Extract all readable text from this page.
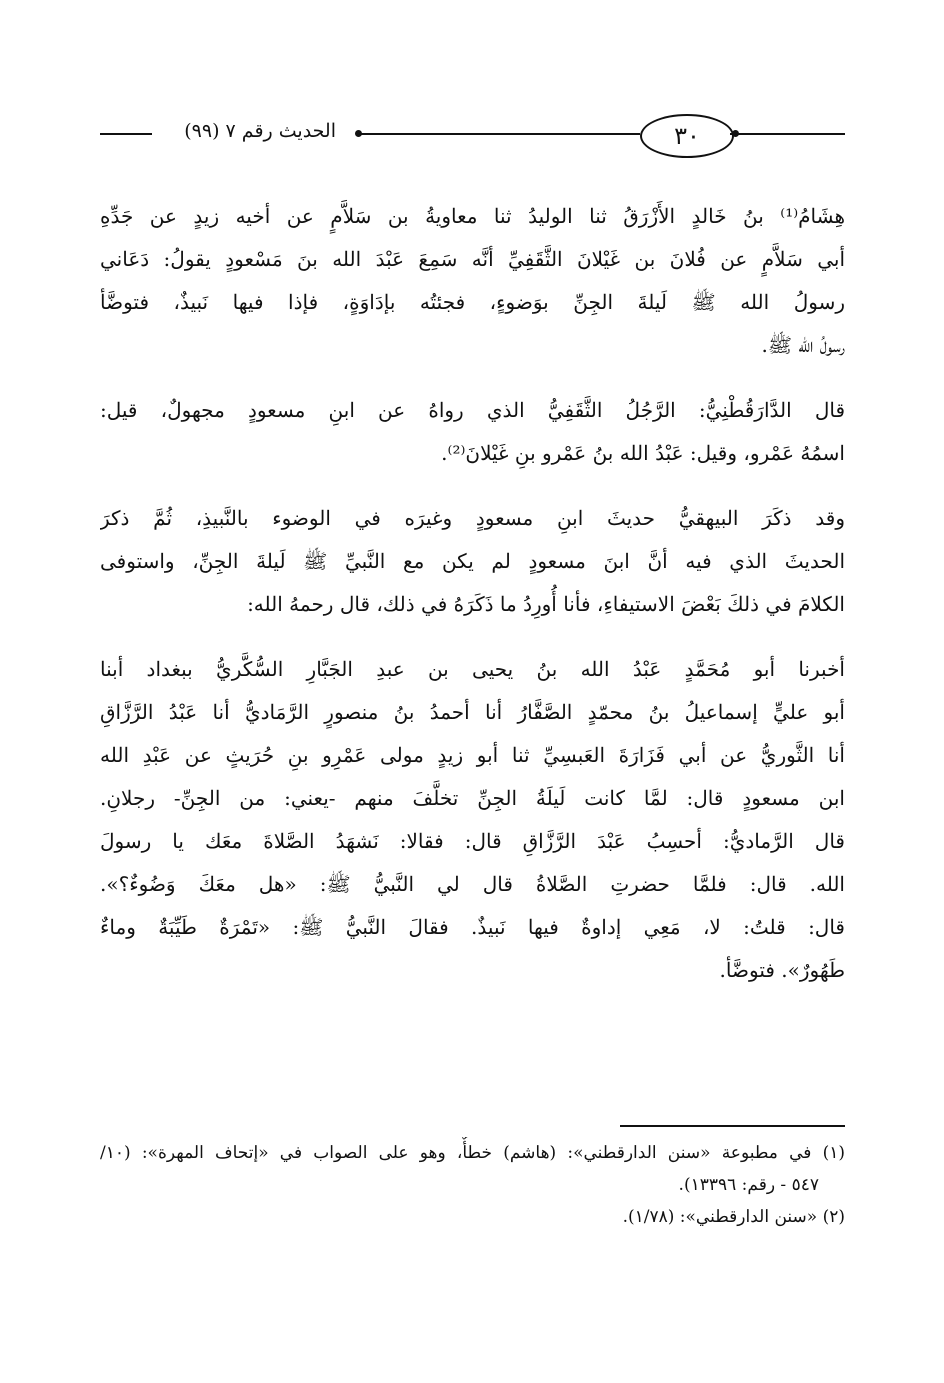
الحديث رقم ٧ (٩٩)	٣٠
هِشَامُ⁽¹⁾ بنُ خَالدٍ الأَزْرَقُ ثنا الوليدُ ثنا معاويةُ بن سَلاَّمٍ عن أخيه زيدٍ عن جَدِّهِ
أبي سَلاَّمٍ عن فُلانَ بن غَيْلانَ الثَّقَفِيِّ أنَّه سَمِعَ عَبْدَ الله بنَ مَسْعودٍ يقولُ: دَعَاني
رسولُ الله ﷺ لَيلةَ الجِنِّ بوَضوءٍ، فجئتُه بإدَاوَةٍ، فإذا فيها نَبيذٌ، فتوضَّأ
رسولُ الله ﷺ.
قال الدَّارَقُطْنِيُّ: الرَّجُلُ الثَّقَفِيُّ الذي رواهُ عن ابنِ مسعودٍ مجهولٌ، قيل:
اسمُهُ عَمْرو، وقيل: عَبْدُ الله بنُ عَمْرو بنِ غَيْلانَ⁽²⁾.
وقد ذكَرَ البيهقيُّ حديثَ ابنِ مسعودٍ وغيرَه في الوضوء بالنَّبيذِ، ثُمَّ ذكرَ
الحديثَ الذي فيه أنَّ ابنَ مسعودٍ لم يكن مع النَّبيِّ ﷺ لَيلةَ الجِنِّ، واستوفى
الكلامَ في ذلكَ بَعْضَ الاستيفاءِ، فأنا أُورِدُ ما ذَكَرَهُ في ذلك، قال رحمهُ الله:
أخبرنا أبو مُحَمَّدٍ عَبْدُ الله بنُ يحيى بن عبدِ الجَبَّارِ السُّكَّريُّ ببغداد أبنا
أبو عليٍّ إسماعيلُ بنُ محمّدٍ الصَّفَّارُ أنا أحمدُ بنُ منصورٍ الرَّمَاديُّ أنا عَبْدُ الرَّزَّاقِ
أنا الثَّوريُّ عن أبي فَزَارَةَ العَبسِيِّ ثنا أبو زيدٍ مولى عَمْرِو بنِ حُرَيثٍ عن عَبْدِ الله
ابن مسعودٍ قال: لمَّا كانت لَيلَةُ الجِنِّ تخلَّفَ منهم -يعني: من الجِنِّ- رجلانِ.
قال الرَّماديُّ: أحسِبُ عَبْدَ الرَّزَّاقِ قال: فقالا: نَشهَدُ الصَّلاةَ معَك يا رسولَ
الله. قال: فلمَّا حضرتِ الصَّلاةُ قال لي النَّبيُّ ﷺ: «هل معَكَ وَضُوءٌ؟».
قال: قلتُ: لا، مَعِي إداوةٌ فيها نَبيذٌ. فقالَ النَّبيُّ ﷺ: «تَمْرَةٌ طَيِّبَةٌ وماءٌ
طَهُورٌ». فتوضَّأ.
(١) في مطبوعة «سنن الدارقطني»: (هاشم) خطأٌ، وهو على الصواب في «إتحاف المهرة»: (١٠/
٥٤٧ - رقم: ١٣٣٩٦).
(٢) «سنن الدارقطني»: (١/٧٨).
